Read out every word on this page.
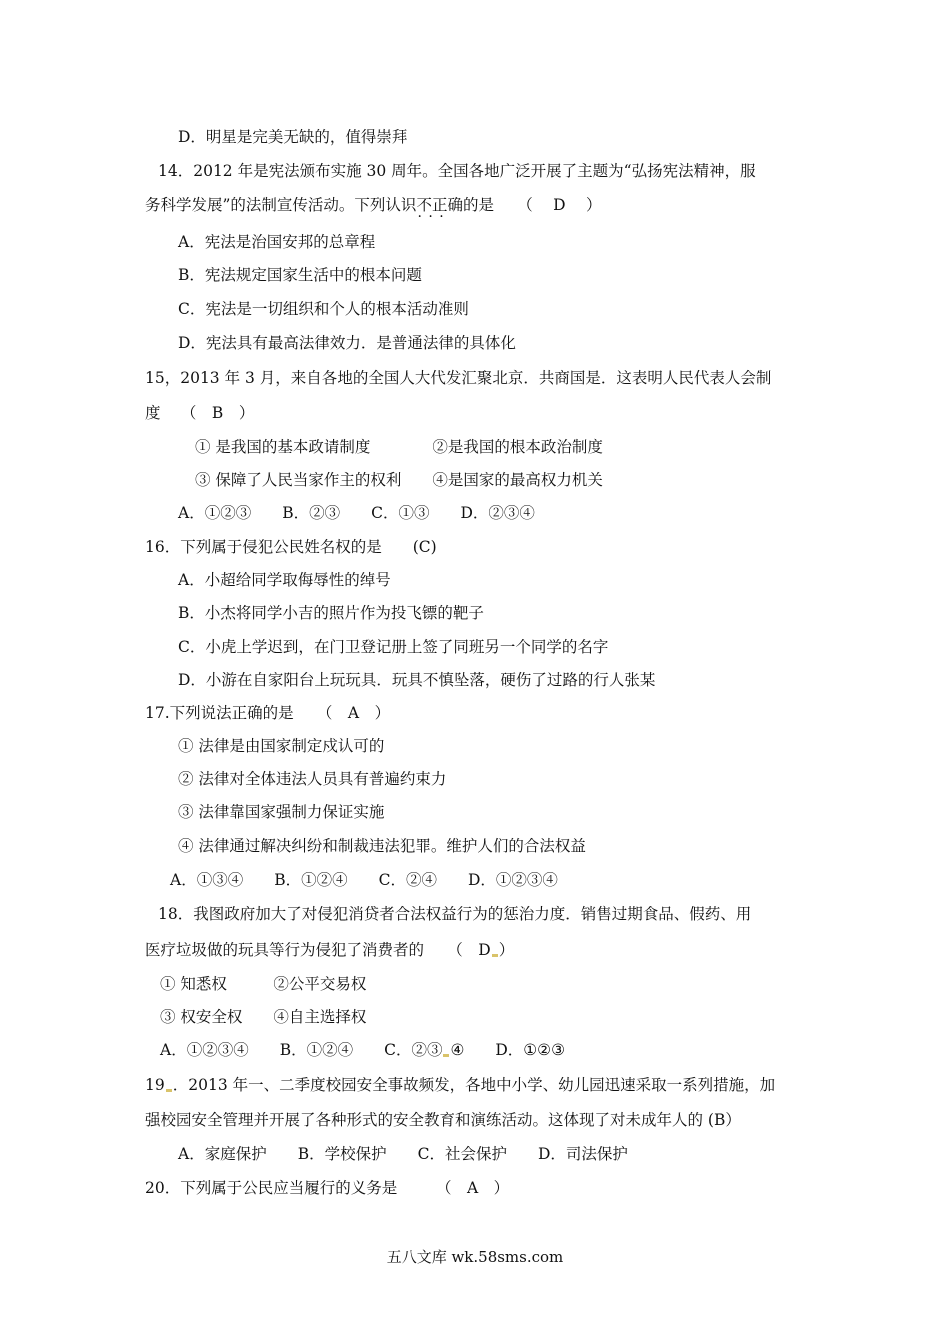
D．明星是完美无缺的，值得崇拜
14．2012 年是宪法颁布实施 30 周年。全国各地广泛开展了主题为“弘扬宪法精神，服
务科学发展”的法制宣传活动。下列认识不正确 · · ·的是　　（　 D　 ）
A．宪法是治国安邦的总章程
B．宪法规定国家生活中的根本问题
C．宪法是一切组织和个人的根本活动准则
D．宪法具有最高法律效力．是普通法律的具体化
15，2013 年 3 月，来自各地的全国人大代发汇聚北京．共商国是．这表明人民代表人会制
度　 （　B　）
① 是我国的基本政请制度　　　　②是我国的根本政治制度
③ 保障了人民当家作主的权利　　④是国家的最高权力机关
A．①②③　　B．②③　　C．①③　　D．②③④
16．下列属于侵犯公民姓名权的是　　(C)
A．小超给同学取侮辱性的绰号
B．小杰将同学小吉的照片作为投飞镖的靶子
C．小虎上学迟到，在门卫登记册上签了同班另一个同学的名字
D．小游在自家阳台上玩玩具．玩具不慎坠落，硬伤了过路的行人张某
17.下列说法正确的是　　（　A　）
① 法律是由国家制定戍认可的
② 法律对全体违法人员具有普遍约束力
③ 法律靠国家强制力保证实施
④ 法律通过解决纠纷和制裁违法犯罪。维护人们的合法权益
A．①③④　　B．①②④　　C．②④　　D．①②③④
18．我图政府加大了对侵犯消贷者合法权益行为的惩治力度．销售过期食品、假药、用
医疗垃圾做的玩具等行为侵犯了消费者的　　（　D ）
① 知悉权　　　②公平交易权
③ 权安全权　　④自主选择权
A．①②③④　　B．①②④　　C．②③ ④　　D．①②③
19 ．2013 年一、二季度校园安全事故频发，各地中小学、幼儿园迅速采取一系列措施，加
强校园安全管理并开展了各种形式的安全教育和演练活动。这体现了对未成年人的 (B）
A．家庭保护　　B．学校保护　　C．社会保护　　D．司法保护
20．下列属于公民应当履行的义务是　　　（　A　）
五八文库 wk.58sms.com
